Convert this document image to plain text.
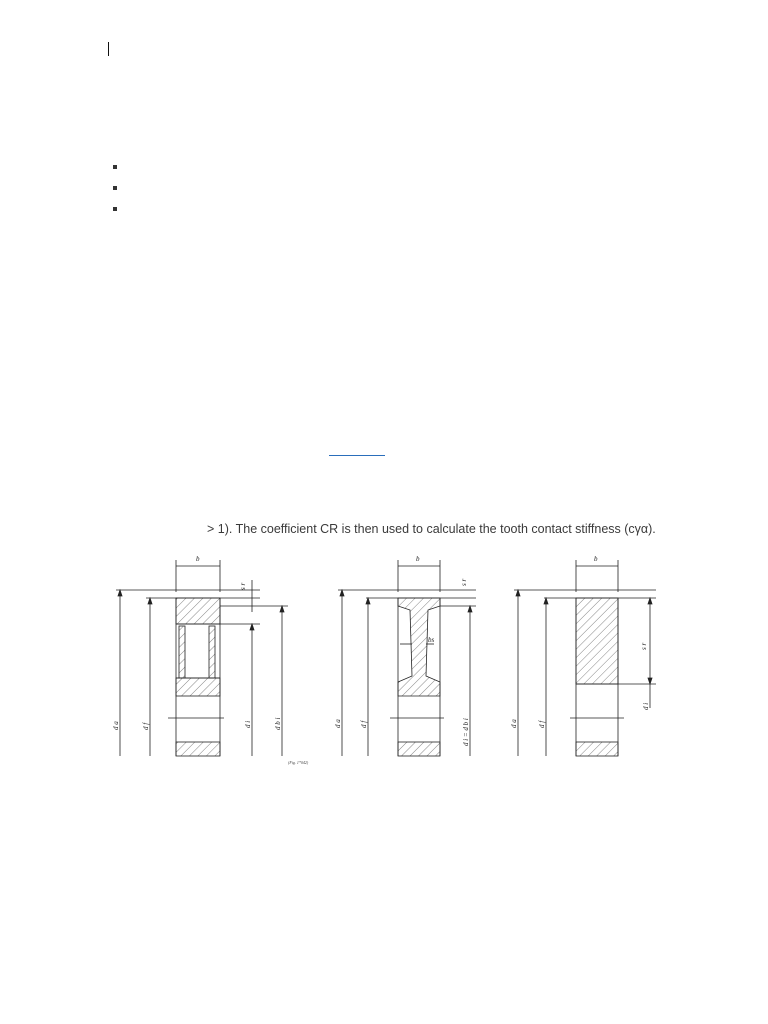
> 1). The coefficient CR is then used to calculate the tooth contact stiffness (cγα).
b
s r
d a	d f	d i	d b i
b
s r
bs
d a	d f	d i = d b i
b
s r
d a	d f
d i
(Fig. 1*042)
